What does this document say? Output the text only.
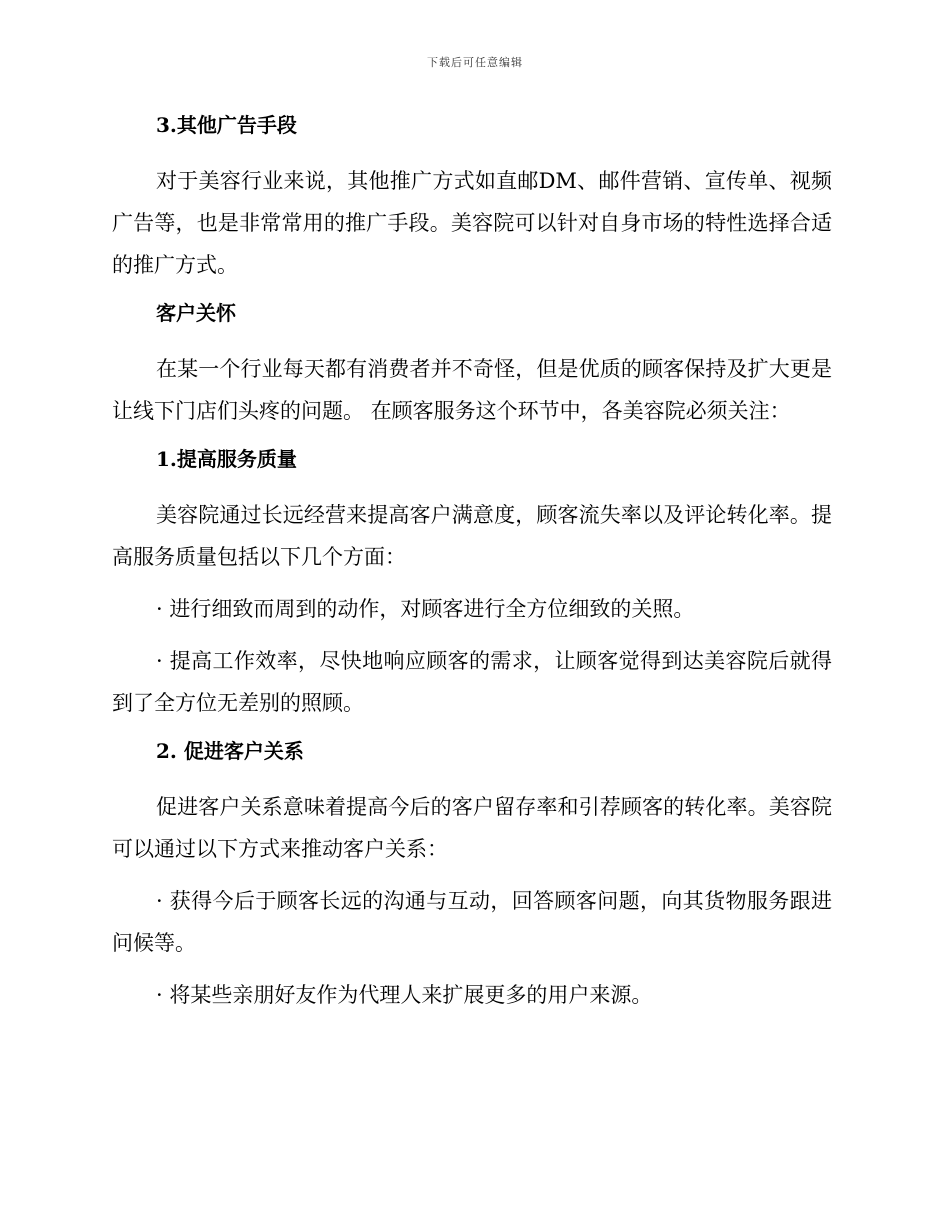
下载后可任意编辑
3.其他广告手段

对于美容行业来说，其他推广方式如直邮DM、邮件营销、宣传单、视频广告等，也是非常常用的推广手段。美容院可以针对自身市场的特性选择合适的推广方式。

客户关怀

在某一个行业每天都有消费者并不奇怪，但是优质的顾客保持及扩大更是让线下门店们头疼的问题。 在顾客服务这个环节中，各美容院必须关注：

1.提高服务质量

美容院通过长远经营来提高客户满意度，顾客流失率以及评论转化率。提高服务质量包括以下几个方面：

· 进行细致而周到的动作，对顾客进行全方位细致的关照。

· 提高工作效率，尽快地响应顾客的需求，让顾客觉得到达美容院后就得到了全方位无差别的照顾。

2. 促进客户关系

促进客户关系意味着提高今后的客户留存率和引荐顾客的转化率。美容院可以通过以下方式来推动客户关系：

· 获得今后于顾客长远的沟通与互动，回答顾客问题，向其货物服务跟进问候等。

· 将某些亲朋好友作为代理人来扩展更多的用户来源。
